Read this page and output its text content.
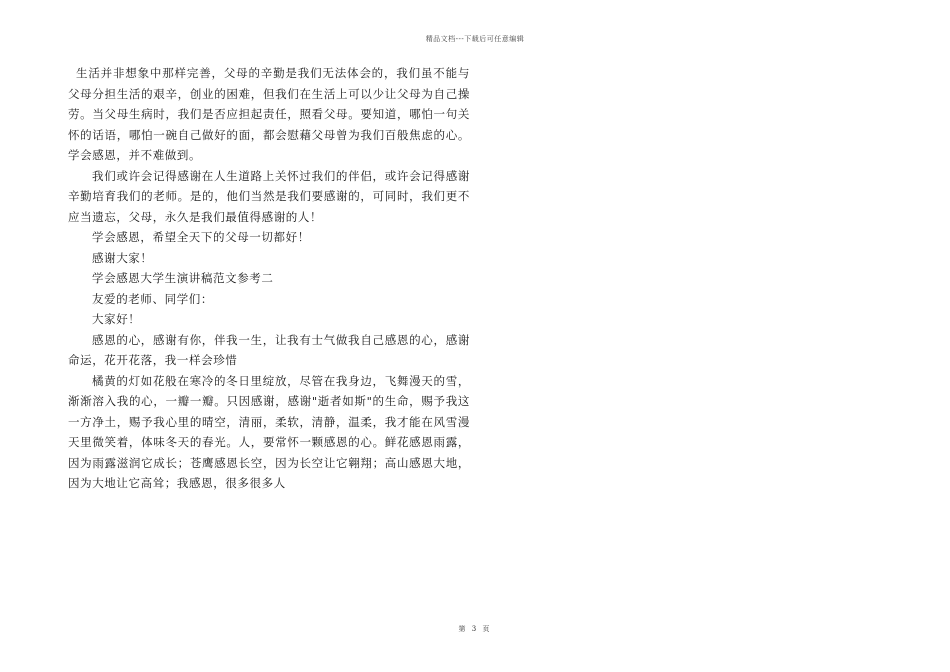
精品文档---下载后可任意编辑

生活并非想象中那样完善，父母的辛勤是我们无法体会的，我们虽不能与父母分担生活的艰辛，创业的困难，但我们在生活上可以少让父母为自己操劳。当父母生病时，我们是否应担起责任，照看父母。要知道，哪怕一句关怀的话语，哪怕一碗自己做好的面，都会慰藉父母曾为我们百般焦虑的心。学会感恩，并不难做到。

我们或许会记得感谢在人生道路上关怀过我们的伴侣，或许会记得感谢辛勤培育我们的老师。是的，他们当然是我们要感谢的，可同时，我们更不应当遗忘，父母，永久是我们最值得感谢的人！

学会感恩，希望全天下的父母一切都好！

感谢大家！

学会感恩大学生演讲稿范文参考二

友爱的老师、同学们：

大家好！

感恩的心，感谢有你，伴我一生，让我有士气做我自己感恩的心，感谢命运，花开花落，我一样会珍惜

橘黄的灯如花般在寒冷的冬日里绽放，尽管在我身边，飞舞漫天的雪，渐渐溶入我的心，一瓣一瓣。只因感谢，感谢"逝者如斯"的生命，赐予我这一方净土，赐予我心里的晴空，清丽，柔软，清静，温柔，我才能在风雪漫天里微笑着，体味冬天的春光。人，要常怀一颗感恩的心。鲜花感恩雨露，因为雨露滋润它成长；苍鹰感恩长空，因为长空让它翱翔；高山感恩大地，因为大地让它高耸；我感恩，很多很多人

第 3 页
